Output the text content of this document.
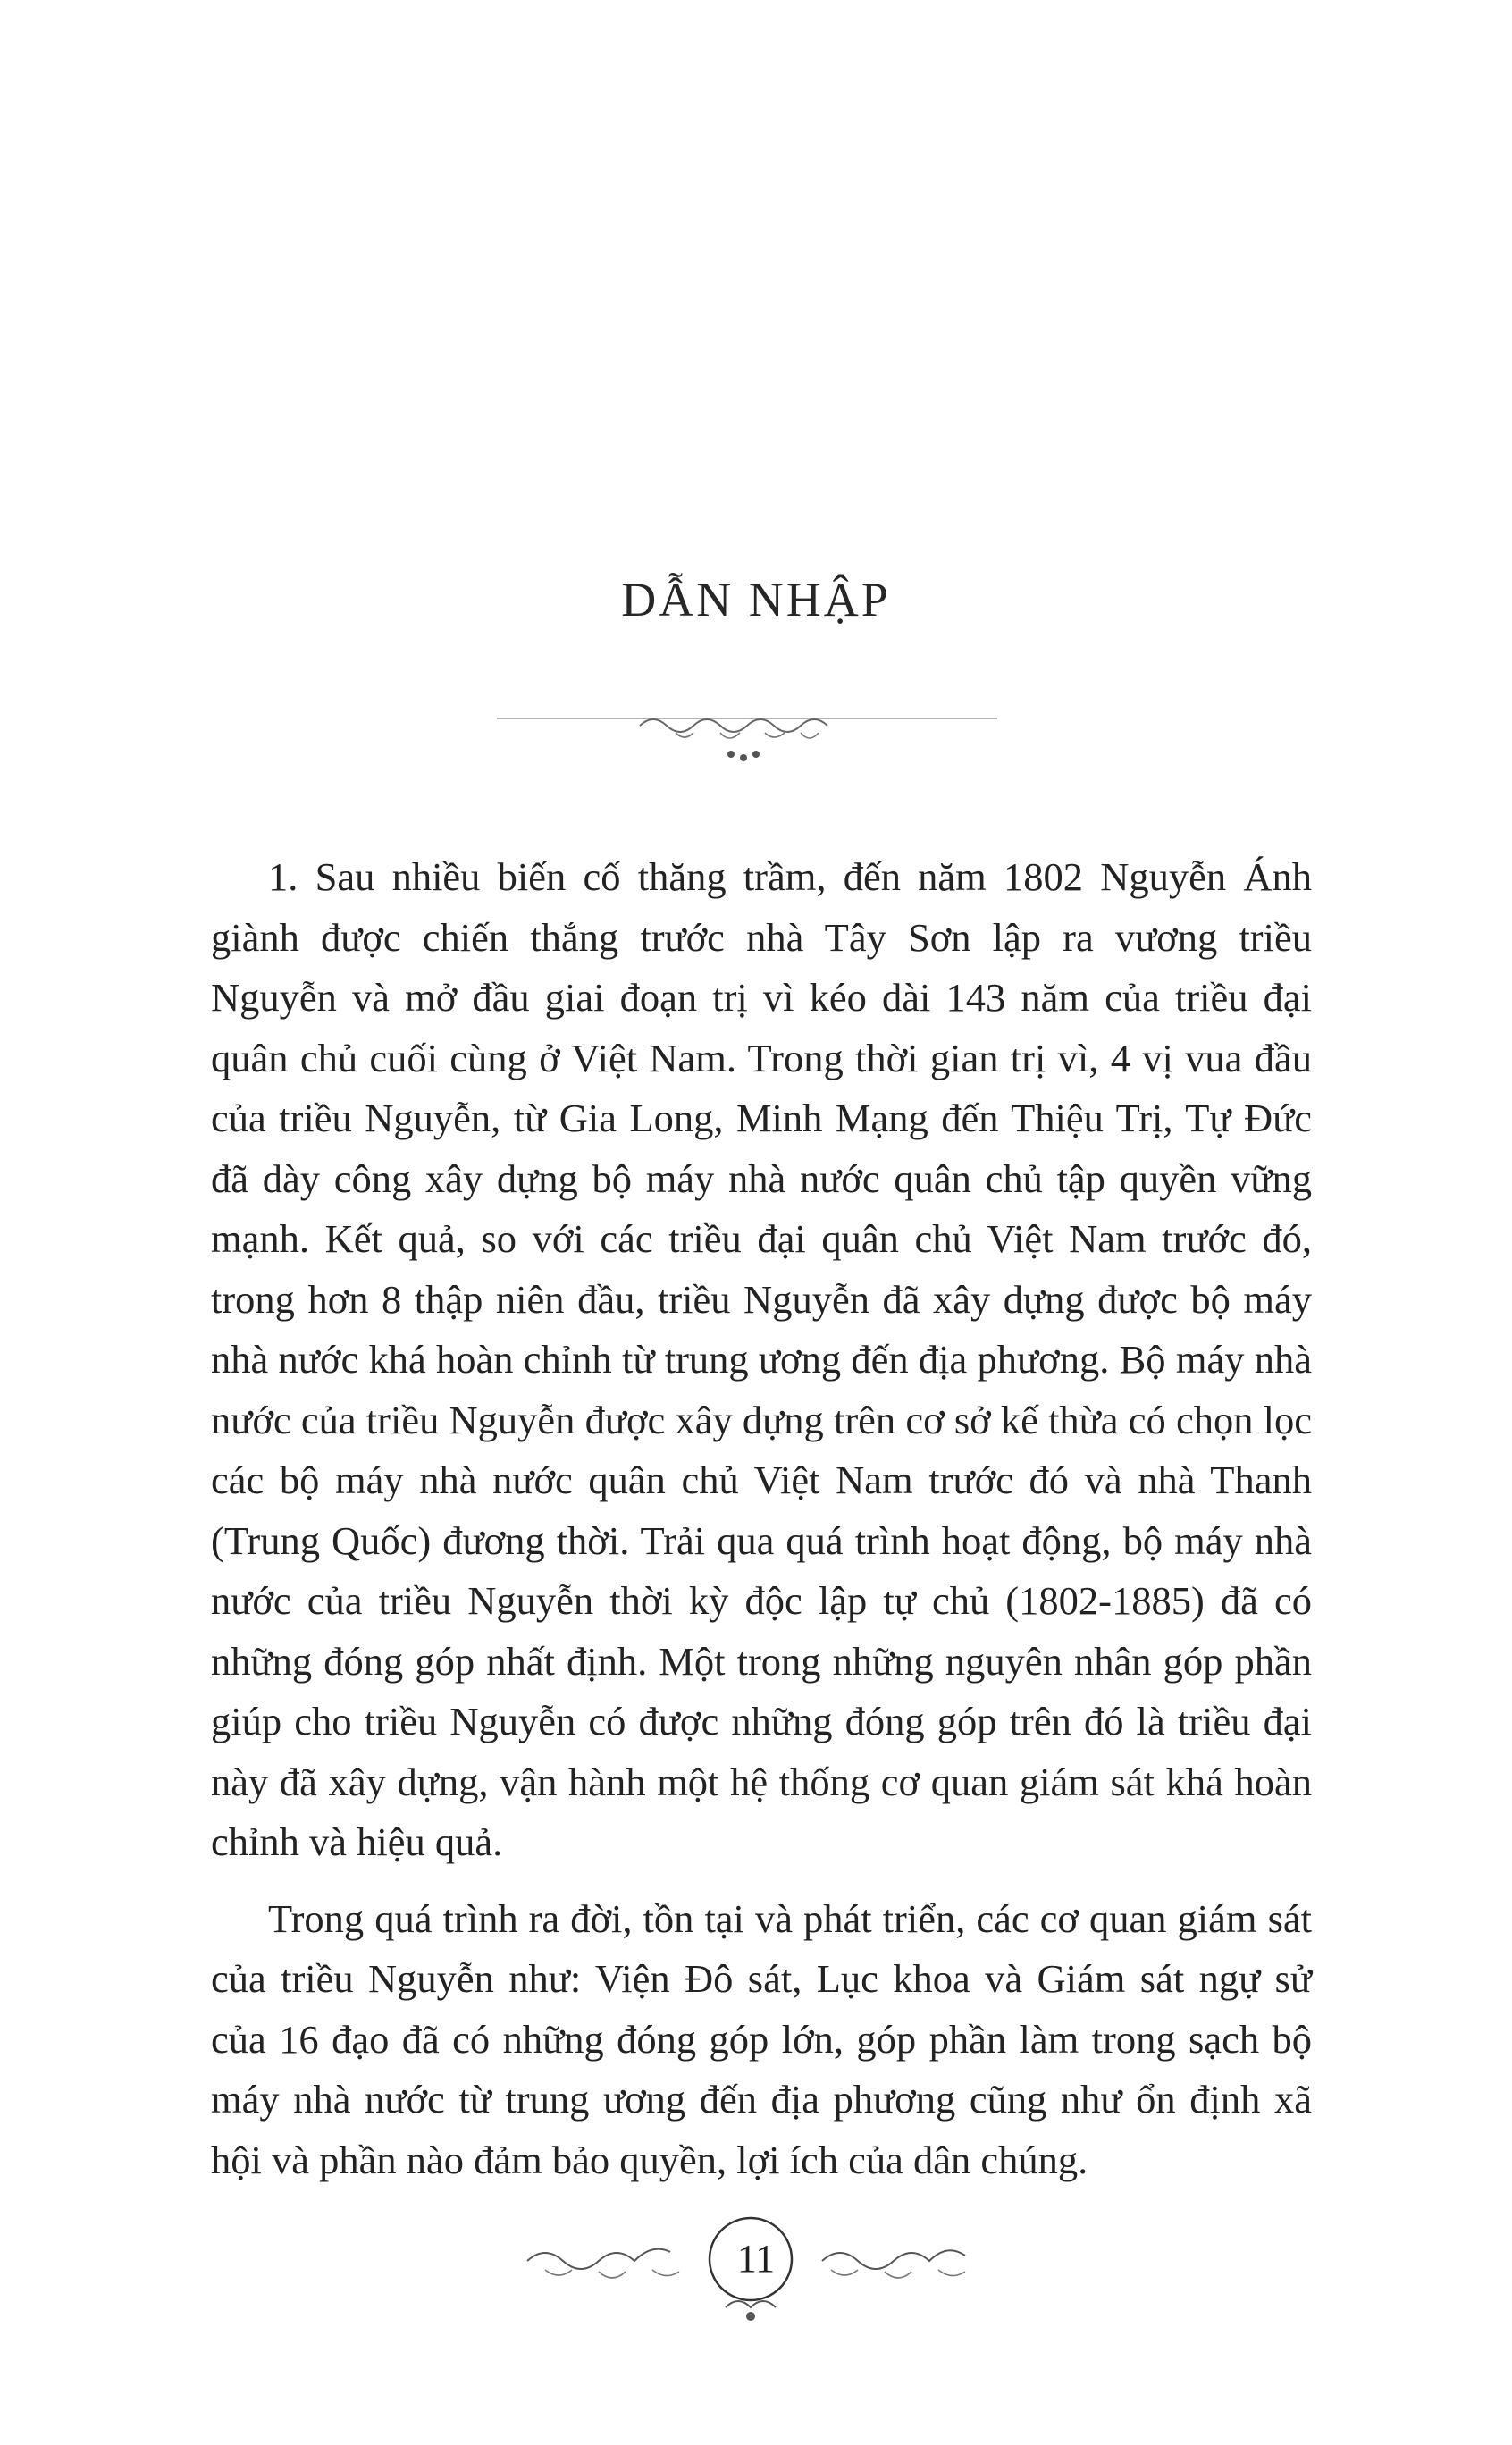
DẪN NHẬP

1. Sau nhiều biến cố thăng trầm, đến năm 1802 Nguyễn Ánh giành được chiến thắng trước nhà Tây Sơn lập ra vương triều Nguyễn và mở đầu giai đoạn trị vì kéo dài 143 năm của triều đại quân chủ cuối cùng ở Việt Nam. Trong thời gian trị vì, 4 vị vua đầu của triều Nguyễn, từ Gia Long, Minh Mạng đến Thiệu Trị, Tự Đức đã dày công xây dựng bộ máy nhà nước quân chủ tập quyền vững mạnh. Kết quả, so với các triều đại quân chủ Việt Nam trước đó, trong hơn 8 thập niên đầu, triều Nguyễn đã xây dựng được bộ máy nhà nước khá hoàn chỉnh từ trung ương đến địa phương. Bộ máy nhà nước của triều Nguyễn được xây dựng trên cơ sở kế thừa có chọn lọc các bộ máy nhà nước quân chủ Việt Nam trước đó và nhà Thanh (Trung Quốc) đương thời. Trải qua quá trình hoạt động, bộ máy nhà nước của triều Nguyễn thời kỳ độc lập tự chủ (1802-1885) đã có những đóng góp nhất định. Một trong những nguyên nhân góp phần giúp cho triều Nguyễn có được những đóng góp trên đó là triều đại này đã xây dựng, vận hành một hệ thống cơ quan giám sát khá hoàn chỉnh và hiệu quả.

Trong quá trình ra đời, tồn tại và phát triển, các cơ quan giám sát của triều Nguyễn như: Viện Đô sát, Lục khoa và Giám sát ngự sử của 16 đạo đã có những đóng góp lớn, góp phần làm trong sạch bộ máy nhà nước từ trung ương đến địa phương cũng như ổn định xã hội và phần nào đảm bảo quyền, lợi ích của dân chúng.

11
